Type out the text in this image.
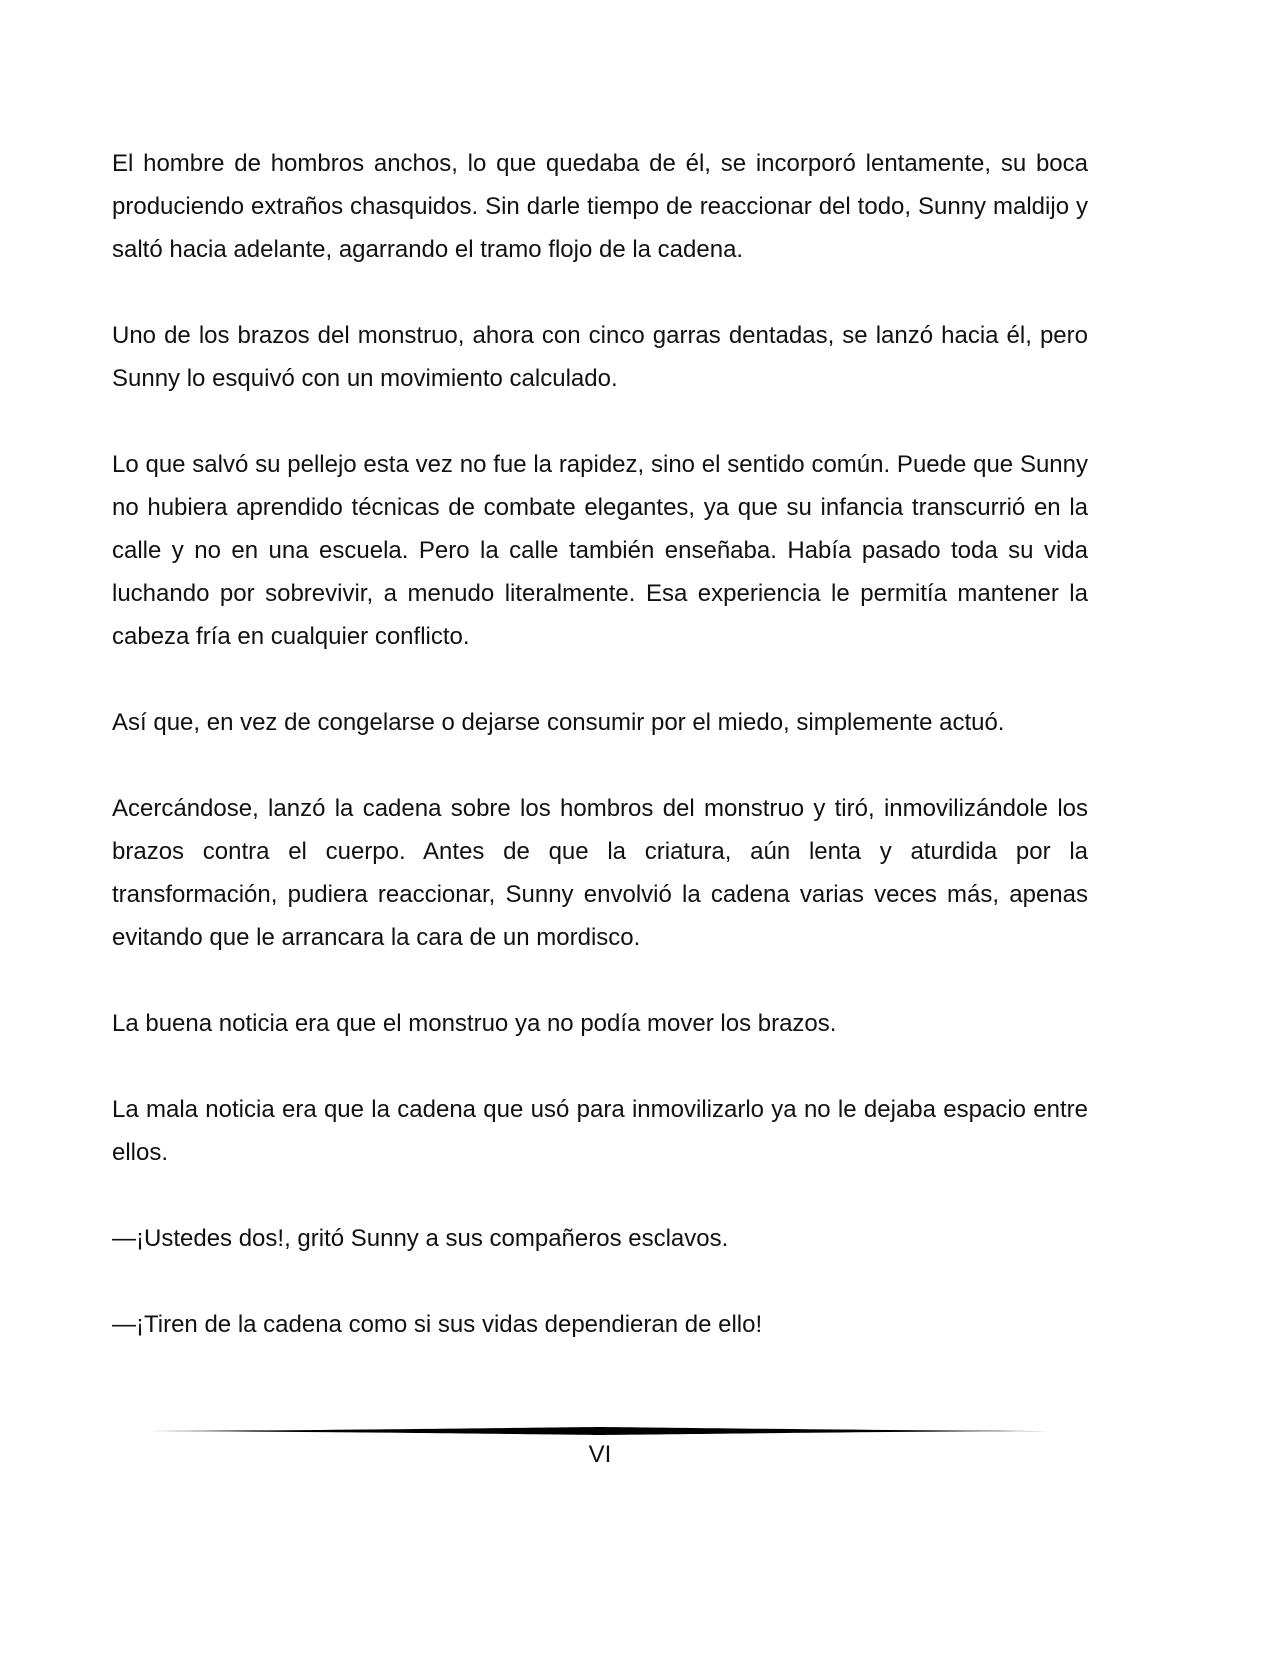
El hombre de hombros anchos, lo que quedaba de él, se incorporó lentamente, su boca produciendo extraños chasquidos. Sin darle tiempo de reaccionar del todo, Sunny maldijo y saltó hacia adelante, agarrando el tramo flojo de la cadena.

Uno de los brazos del monstruo, ahora con cinco garras dentadas, se lanzó hacia él, pero Sunny lo esquivó con un movimiento calculado.

Lo que salvó su pellejo esta vez no fue la rapidez, sino el sentido común. Puede que Sunny no hubiera aprendido técnicas de combate elegantes, ya que su infancia transcurrió en la calle y no en una escuela. Pero la calle también enseñaba. Había pasado toda su vida luchando por sobrevivir, a menudo literalmente. Esa experiencia le permitía mantener la cabeza fría en cualquier conflicto.

Así que, en vez de congelarse o dejarse consumir por el miedo, simplemente actuó.

Acercándose, lanzó la cadena sobre los hombros del monstruo y tiró, inmovilizándole los brazos contra el cuerpo. Antes de que la criatura, aún lenta y aturdida por la transformación, pudiera reaccionar, Sunny envolvió la cadena varias veces más, apenas evitando que le arrancara la cara de un mordisco.

La buena noticia era que el monstruo ya no podía mover los brazos.

La mala noticia era que la cadena que usó para inmovilizarlo ya no le dejaba espacio entre ellos.

—¡Ustedes dos!, gritó Sunny a sus compañeros esclavos.

—¡Tiren de la cadena como si sus vidas dependieran de ello!

VI
